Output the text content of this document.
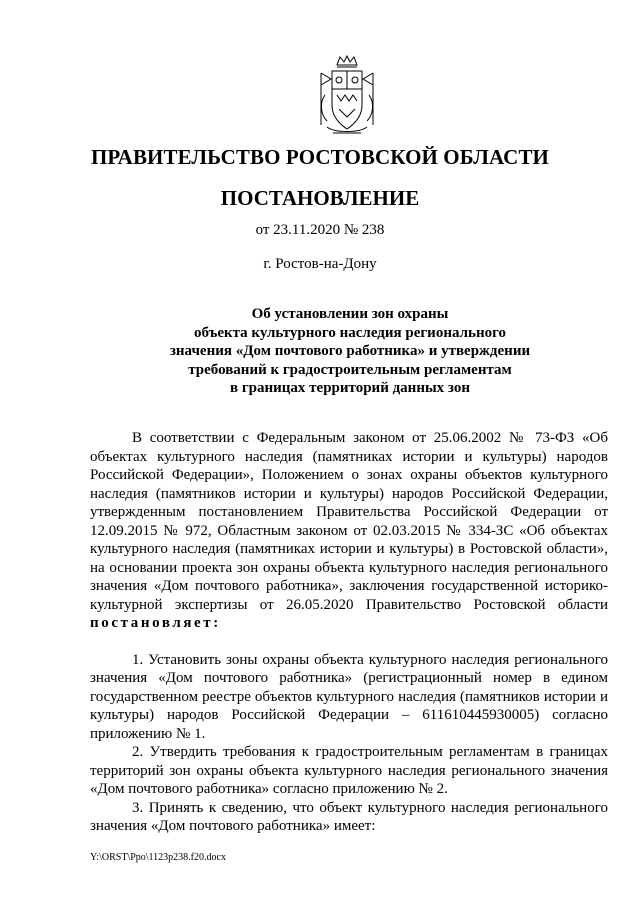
ПРАВИТЕЛЬСТВО РОСТОВСКОЙ ОБЛАСТИ
ПОСТАНОВЛЕНИЕ
от 23.11.2020 № 238
г. Ростов-на-Дону
Об установлении зон охраны
объекта культурного наследия регионального
значения «Дом почтового работника» и утверждении
требований к градостроительным регламентам
в границах территорий данных зон

В соответствии с Федеральным законом от 25.06.2002 № 73-ФЗ «Об объектах культурного наследия (памятниках истории и культуры) народов Российской Федерации», Положением о зонах охраны объектов культурного наследия (памятников истории и культуры) народов Российской Федерации, утвержденным постановлением Правительства Российской Федерации от 12.09.2015 № 972, Областным законом от 02.03.2015 № 334-ЗС «Об объектах культурного наследия (памятниках истории и культуры) в Ростовской области», на основании проекта зон охраны объекта культурного наследия регионального значения «Дом почтового работника», заключения государственной историко-культурной экспертизы от 26.05.2020 Правительство Ростовской области постановляет:

1. Установить зоны охраны объекта культурного наследия регионального значения «Дом почтового работника» (регистрационный номер в едином государственном реестре объектов культурного наследия (памятников истории и культуры) народов Российской Федерации – 611610445930005) согласно приложению № 1.

2. Утвердить требования к градостроительным регламентам в границах территорий зон охраны объекта культурного наследия регионального значения «Дом почтового работника» согласно приложению № 2.

3. Принять к сведению, что объект культурного наследия регионального значения «Дом почтового работника» имеет:

Y:\ORST\Ppo\1123p238.f20.docx
